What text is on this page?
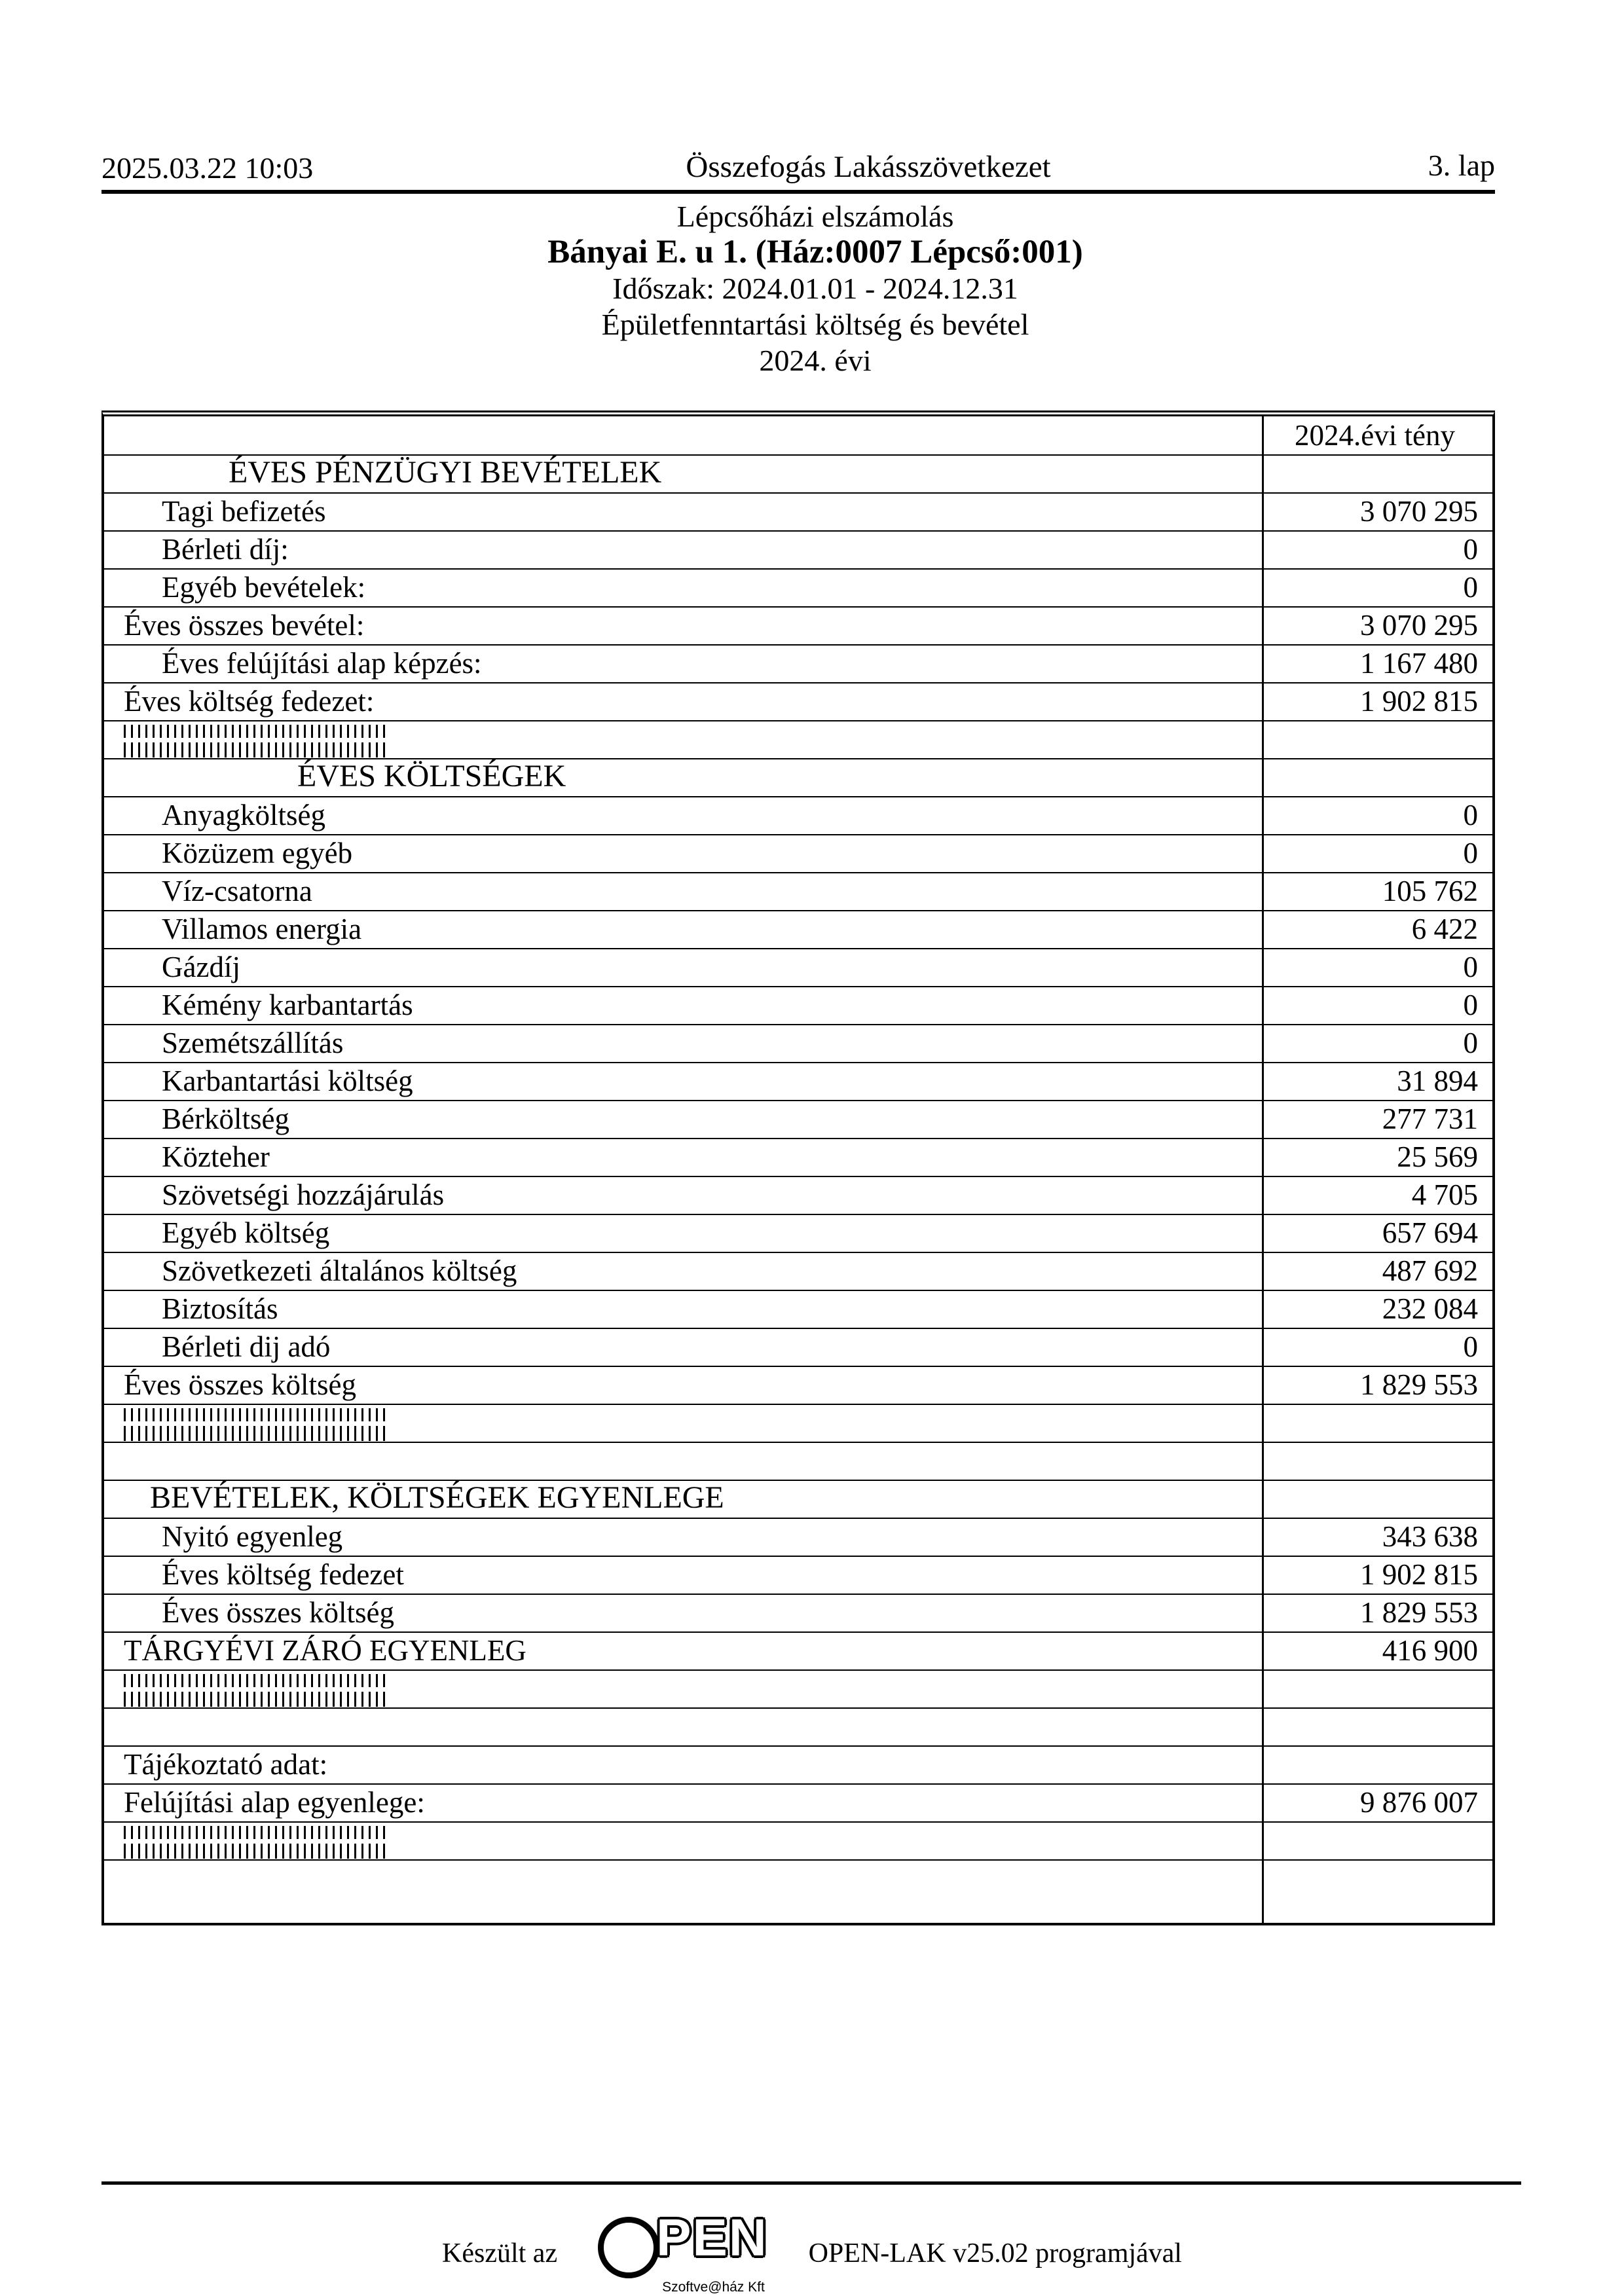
2025.03.22 10:03	Összefogás Lakásszövetkezet	3. lap
Lépcsőházi elszámolás
Bányai E. u 1. (Ház:0007 Lépcső:001)
Időszak: 2024.01.01 - 2024.12.31
Épületfenntartási költség és bevétel
2024. évi
2024.évi tény
ÉVES PÉNZÜGYI BEVÉTELEK
Tagi befizetés	3 070 295
Bérleti díj:	0
Egyéb bevételek:	0
Éves összes bevétel:	3 070 295
Éves felújítási alap képzés:	1 167 480
Éves költség fedezet:	1 902 815
ÉVES KÖLTSÉGEK
Anyagköltség	0
Közüzem egyéb	0
Víz-csatorna	105 762
Villamos energia	6 422
Gázdíj	0
Kémény karbantartás	0
Szemétszállítás	0
Karbantartási költség	31 894
Bérköltség	277 731
Közteher	25 569
Szövetségi hozzájárulás	4 705
Egyéb költség	657 694
Szövetkezeti általános költség	487 692
Biztosítás	232 084
Bérleti dij adó	0
Éves összes költség	1 829 553
BEVÉTELEK, KÖLTSÉGEK EGYENLEGE
Nyitó egyenleg	343 638
Éves költség fedezet	1 902 815
Éves összes költség	1 829 553
TÁRGYÉVI ZÁRÓ EGYENLEG	416 900
Tájékoztató adat:
Felújítási alap egyenlege:	9 876 007
Készült az PEN
Szoftve@ház Kft
OPEN-LAK v25.02 programjával
